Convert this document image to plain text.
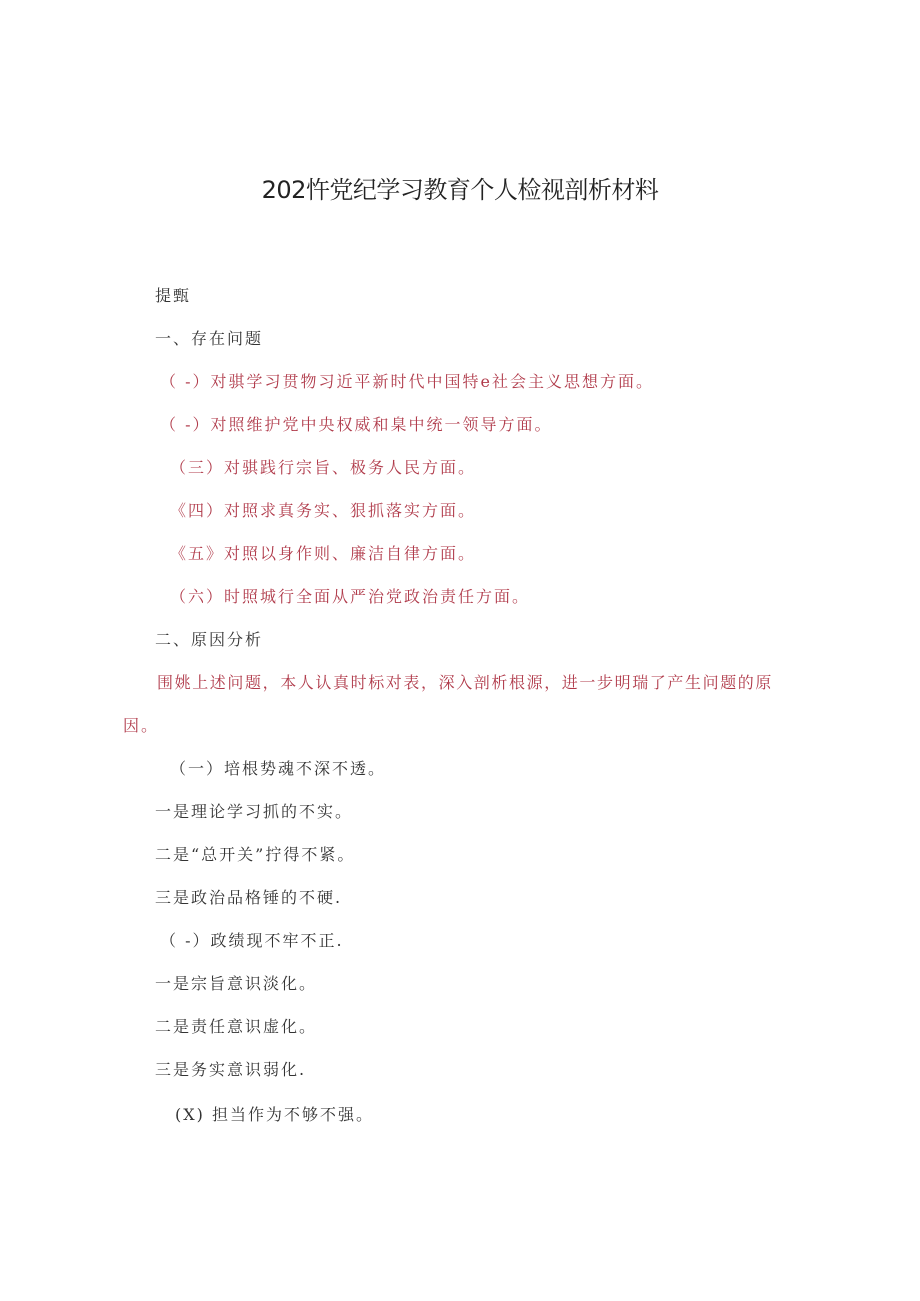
202忤党纪学习教育个人检视剖析材料
提甄
一、存在问题
（ -）对骐学习贯物习近平新时代中国特e社会主义思想方面。
（ -）对照维护党中央权威和臬中统一领导方面。
（三）对骐践行宗旨、极务人民方面。
《四）对照求真务实、狠抓落实方面。
《五》对照以身作则、廉洁自律方面。
（六）时照城行全面从严治党政治责任方面。
二、原因分析
围姚上述问题，本人认真时标对表，深入剖析根源，进一步明瑞了产生问题的原
因。
（一）培根势魂不深不透。
一是理论学习抓的不实。
二是“总开关”拧得不紧。
三是政治品格锤的不硬.
（ -）政绩现不牢不正.
一是宗旨意识淡化。
二是责任意识虚化。
三是务实意识弱化.
(X) 担当作为不够不强。
